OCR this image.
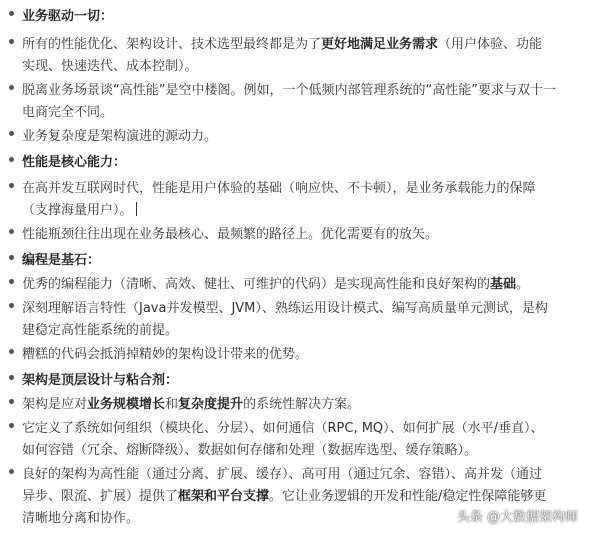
业务驱动一切：
所有的性能优化、架构设计、技术选型最终都是为了更好地满足业务需求（用户体验、功能
实现、快速迭代、成本控制）。
脱离业务场景谈“高性能”是空中楼阁。例如，一个低频内部管理系统的“高性能”要求与双十一
电商完全不同。
业务复杂度是架构演进的源动力。
性能是核心能力：
在高并发互联网时代，性能是用户体验的基础（响应快、不卡顿），是业务承载能力的保障
（支撑海量用户）。
性能瓶颈往往出现在业务最核心、最频繁的路径上。优化需要有的放矢。
编程是基石：
优秀的编程能力（清晰、高效、健壮、可维护的代码）是实现高性能和良好架构的基础。
深刻理解语言特性（Java并发模型、JVM）、熟练运用设计模式、编写高质量单元测试，是构
建稳定高性能系统的前提。
糟糕的代码会抵消掉精妙的架构设计带来的优势。
架构是顶层设计与粘合剂：
架构是应对业务规模增长和复杂度提升的系统性解决方案。
它定义了系统如何组织（模块化、分层）、如何通信（RPC, MQ）、如何扩展（水平/垂直）、
如何容错（冗余、熔断降级）、数据如何存储和处理（数据库选型、缓存策略）。
良好的架构为高性能（通过分离、扩展、缓存）、高可用（通过冗余、容错）、高并发（通过
异步、限流、扩展）提供了框架和平台支撑。它让业务逻辑的开发和性能/稳定性保障能够更
清晰地分离和协作。	头条 @大数据架构师
